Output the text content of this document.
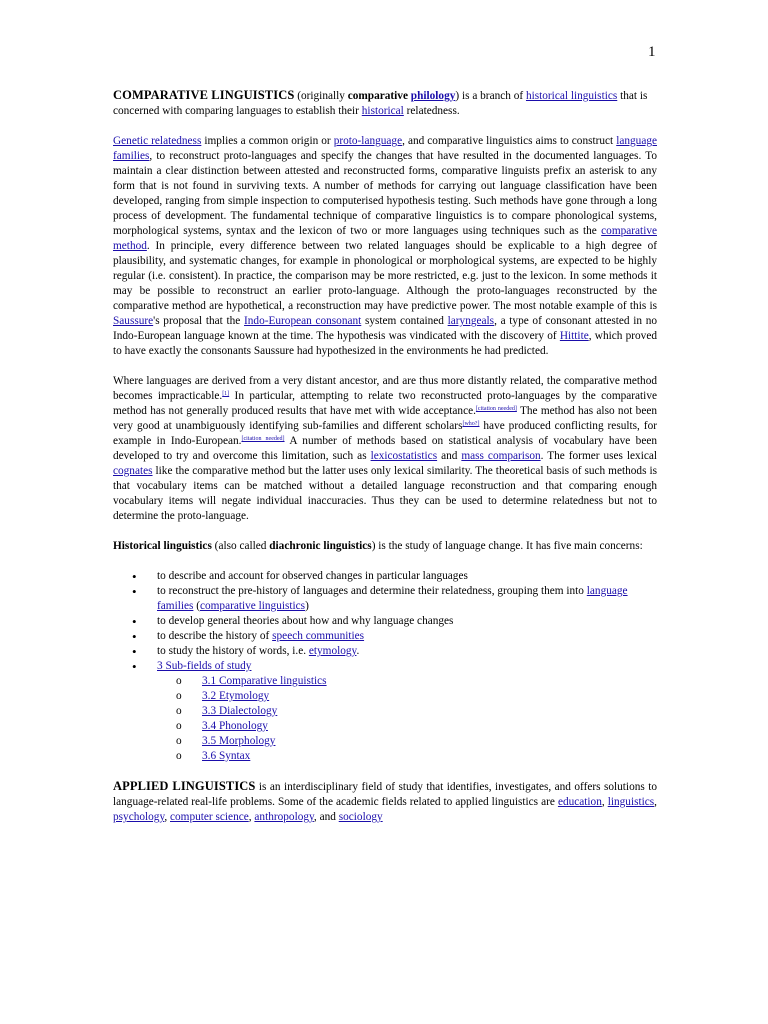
1

COMPARATIVE LINGUISTICS (originally comparative philology) is a branch of historical linguistics that is concerned with comparing languages to establish their historical relatedness.

Genetic relatedness implies a common origin or proto-language, and comparative linguistics aims to construct language families, to reconstruct proto-languages and specify the changes that have resulted in the documented languages. To maintain a clear distinction between attested and reconstructed forms, comparative linguists prefix an asterisk to any form that is not found in surviving texts. A number of methods for carrying out language classification have been developed, ranging from simple inspection to computerised hypothesis testing. Such methods have gone through a long process of development. The fundamental technique of comparative linguistics is to compare phonological systems, morphological systems, syntax and the lexicon of two or more languages using techniques such as the comparative method. In principle, every difference between two related languages should be explicable to a high degree of plausibility, and systematic changes, for example in phonological or morphological systems, are expected to be highly regular (i.e. consistent). In practice, the comparison may be more restricted, e.g. just to the lexicon. In some methods it may be possible to reconstruct an earlier proto-language. Although the proto-languages reconstructed by the comparative method are hypothetical, a reconstruction may have predictive power. The most notable example of this is Saussure's proposal that the Indo-European consonant system contained laryngeals, a type of consonant attested in no Indo-European language known at the time. The hypothesis was vindicated with the discovery of Hittite, which proved to have exactly the consonants Saussure had hypothesized in the environments he had predicted.

Where languages are derived from a very distant ancestor, and are thus more distantly related, the comparative method becomes impracticable.[1] In particular, attempting to relate two reconstructed proto-languages by the comparative method has not generally produced results that have met with wide acceptance.[citation needed] The method has also not been very good at unambiguously identifying sub-families and different scholars[who?] have produced conflicting results, for example in Indo-European.[citation needed] A number of methods based on statistical analysis of vocabulary have been developed to try and overcome this limitation, such as lexicostatistics and mass comparison. The former uses lexical cognates like the comparative method but the latter uses only lexical similarity. The theoretical basis of such methods is that vocabulary items can be matched without a detailed language reconstruction and that comparing enough vocabulary items will negate individual inaccuracies. Thus they can be used to determine relatedness but not to determine the proto-language.

Historical linguistics (also called diachronic linguistics) is the study of language change. It has five main concerns:

• to describe and account for observed changes in particular languages
• to reconstruct the pre-history of languages and determine their relatedness, grouping them into language families (comparative linguistics)
• to develop general theories about how and why language changes
• to describe the history of speech communities
• to study the history of words, i.e. etymology.
• 3 Sub-fields of study
o 3.1 Comparative linguistics
o 3.2 Etymology
o 3.3 Dialectology
o 3.4 Phonology
o 3.5 Morphology
o 3.6 Syntax

APPLIED LINGUISTICS is an interdisciplinary field of study that identifies, investigates, and offers solutions to language-related real-life problems. Some of the academic fields related to applied linguistics are education, linguistics, psychology, computer science, anthropology, and sociology
